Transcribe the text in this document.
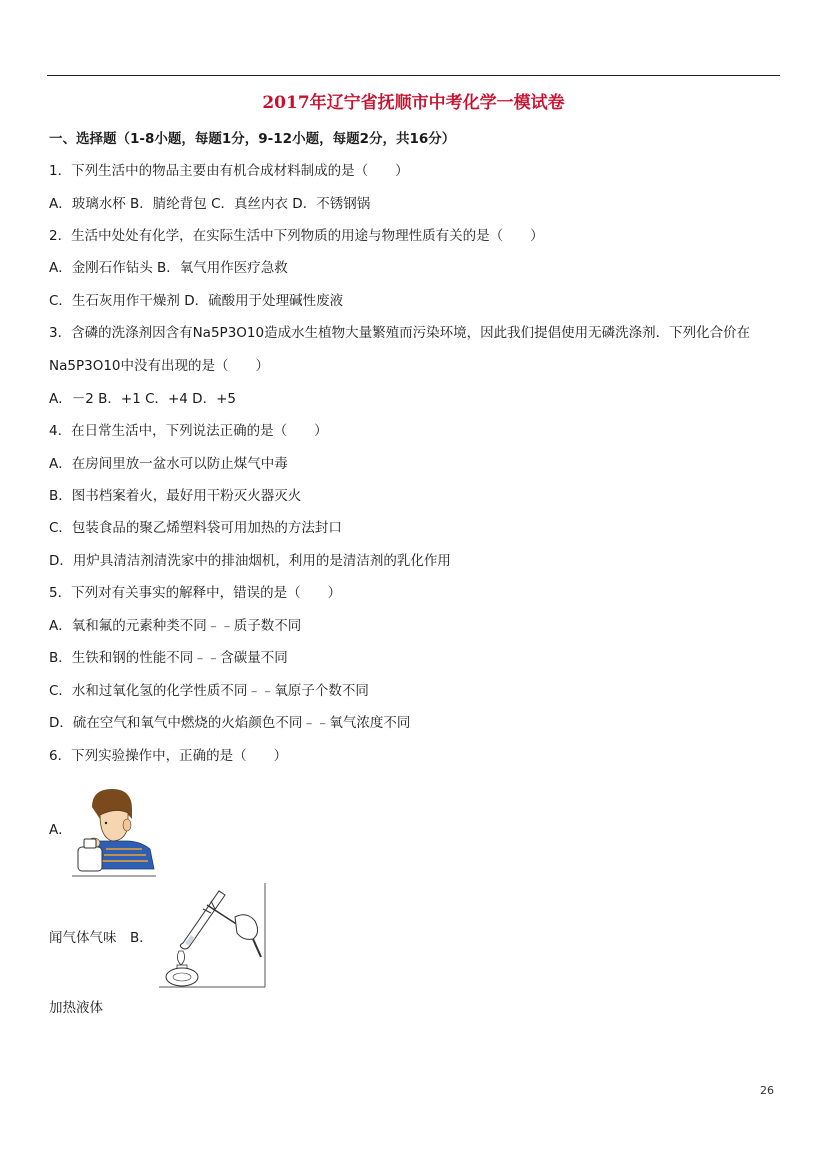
2017年辽宁省抚顺市中考化学一模试卷
一、选择题（1-8小题，每题1分，9-12小题，每题2分，共16分）
1．下列生活中的物品主要由有机合成材料制成的是（　　）
A．玻璃水杯 B．腈纶背包 C．真丝内衣 D．不锈钢锅
2．生活中处处有化学，在实际生活中下列物质的用途与物理性质有关的是（　　）
A．金刚石作钻头 B．氧气用作医疗急救
C．生石灰用作干燥剂 D．硫酸用于处理碱性废液
3．含磷的洗涤剂因含有Na5P3O10造成水生植物大量繁殖而污染环境，因此我们提倡使用无磷洗涤剂．下列化合价在
Na5P3O10中没有出现的是（　　）
A．－2 B．+1 C．+4 D．+5
4．在日常生活中，下列说法正确的是（　　）
A．在房间里放一盆水可以防止煤气中毒
B．图书档案着火，最好用干粉灭火器灭火
C．包装食品的聚乙烯塑料袋可用加热的方法封口
D．用炉具清洁剂清洗家中的排油烟机，利用的是清洁剂的乳化作用
5．下列对有关事实的解释中，错误的是（　　）
A．氧和氟的元素种类不同﹣﹣质子数不同
B．生铁和钢的性能不同﹣﹣含碳量不同
C．水和过氧化氢的化学性质不同﹣﹣氧原子个数不同
D．硫在空气和氧气中燃烧的火焰颜色不同﹣﹣氧气浓度不同
6．下列实验操作中，正确的是（　　）
A．
闻气体气味　B．
加热液体
26
